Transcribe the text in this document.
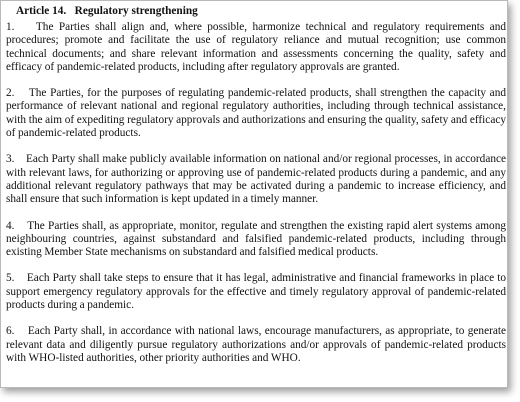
Article 14.   Regulatory strengthening

1. The Parties shall align and, where possible, harmonize technical and regulatory requirements and procedures; promote and facilitate the use of regulatory reliance and mutual recognition; use common technical documents; and share relevant information and assessments concerning the quality, safety and efficacy of pandemic-related products, including after regulatory approvals are granted.

2. The Parties, for the purposes of regulating pandemic-related products, shall strengthen the capacity and performance of relevant national and regional regulatory authorities, including through technical assistance, with the aim of expediting regulatory approvals and authorizations and ensuring the quality, safety and efficacy of pandemic-related products.

3. Each Party shall make publicly available information on national and/or regional processes, in accordance with relevant laws, for authorizing or approving use of pandemic-related products during a pandemic, and any additional relevant regulatory pathways that may be activated during a pandemic to increase efficiency, and shall ensure that such information is kept updated in a timely manner.

4. The Parties shall, as appropriate, monitor, regulate and strengthen the existing rapid alert systems among neighbouring countries, against substandard and falsified pandemic-related products, including through existing Member State mechanisms on substandard and falsified medical products.

5. Each Party shall take steps to ensure that it has legal, administrative and financial frameworks in place to support emergency regulatory approvals for the effective and timely regulatory approval of pandemic-related products during a pandemic.

6. Each Party shall, in accordance with national laws, encourage manufacturers, as appropriate, to generate relevant data and diligently pursue regulatory authorizations and/or approvals of pandemic-related products with WHO-listed authorities, other priority authorities and WHO.
